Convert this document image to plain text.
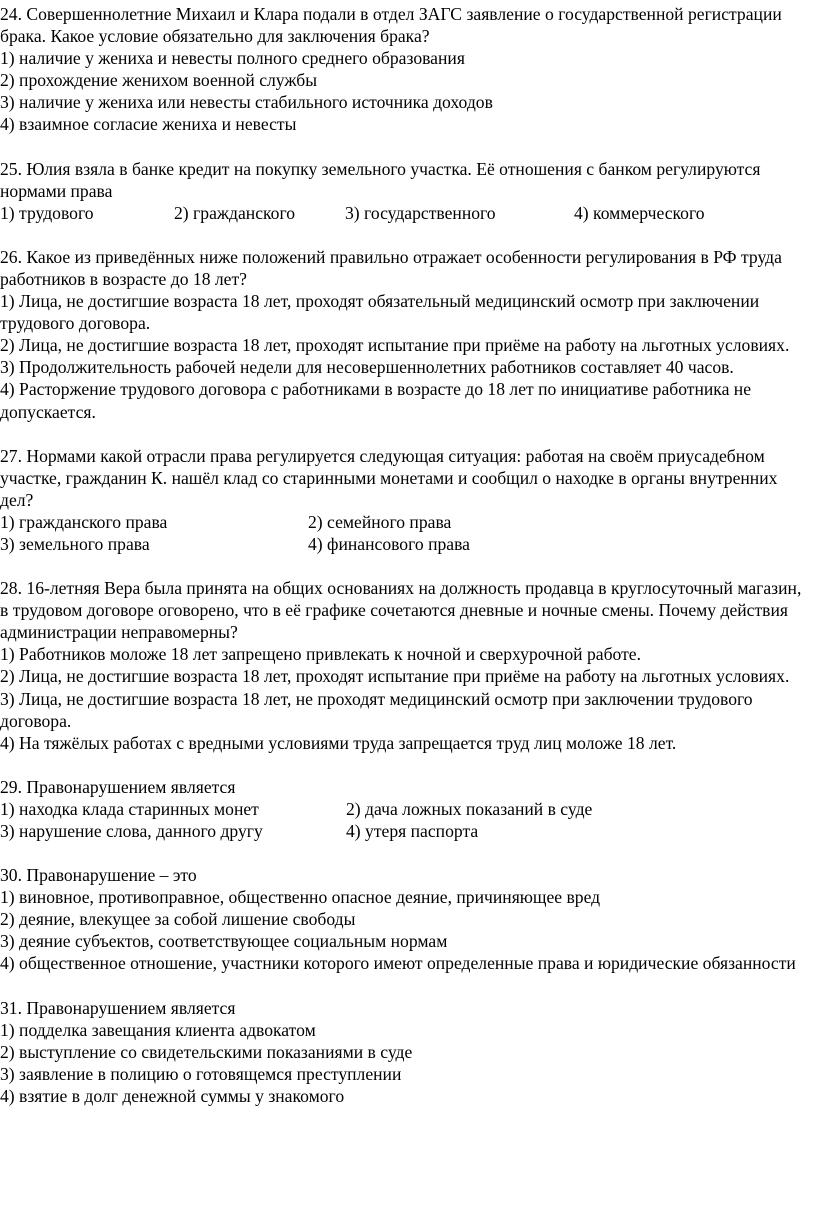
24. Совершеннолетние Михаил и Клара подали в отдел ЗАГС заявление о государственной регистрации брака. Какое условие обязательно для заключения брака?
1) наличие у жениха и невесты полного среднего образования
2) прохождение женихом военной службы
3) наличие у жениха или невесты стабильного источника доходов
4) взаимное согласие жениха и невесты
25. Юлия взяла в банке кредит на покупку земельного участка. Её отношения с банком регулируются нормами права
1) трудового	2) гражданского	3) государственного	4) коммерческого
26. Какое из приведённых ниже положений правильно отражает особенности регулирования в РФ труда работников в возрасте до 18 лет?
1) Лица, не достигшие возраста 18 лет, проходят обязательный медицинский осмотр при заключении трудового договора.
2) Лица, не достигшие возраста 18 лет, проходят испытание при приёме на работу на льготных условиях.
3) Продолжительность рабочей недели для несовершеннолетних работников составляет 40 часов.
4) Расторжение трудового договора с работниками в возрасте до 18 лет по инициативе работника не допускается.
27. Нормами какой отрасли права регулируется следующая ситуация: работая на своём приусадебном участке, гражданин К. нашёл клад со старинными монетами и сообщил о находке в органы внутренних дел?
1) гражданского права	2) семейного права
3) земельного права	4) финансового права
28. 16-летняя Вера была принята на общих основаниях на должность продавца в круглосуточный магазин, в трудовом договоре оговорено, что в её графике сочетаются дневные и ночные смены. Почему действия администрации неправомерны?
1) Работников моложе 18 лет запрещено привлекать к ночной и сверхурочной работе.
2) Лица, не достигшие возраста 18 лет, проходят испытание при приёме на работу на льготных условиях.
3) Лица, не достигшие возраста 18 лет, не проходят медицинский осмотр при заключении трудового договора.
4) На тяжёлых работах с вредными условиями труда запрещается труд лиц моложе 18 лет.
29. Правонарушением является
1) находка клада старинных монет	2) дача ложных показаний в суде
3) нарушение слова, данного другу	4) утеря паспорта
30. Правонарушение – это
1) виновное, противоправное, общественно опасное деяние, причиняющее вред
2) деяние, влекущее за собой лишение свободы
3) деяние субъектов, соответствующее социальным нормам
4) общественное отношение, участники которого имеют определенные права и юридические обязанности
31. Правонарушением является
1) подделка завещания клиента адвокатом
2) выступление со свидетельскими показаниями в суде
3) заявление в полицию о готовящемся преступлении
4) взятие в долг денежной суммы у знакомого
